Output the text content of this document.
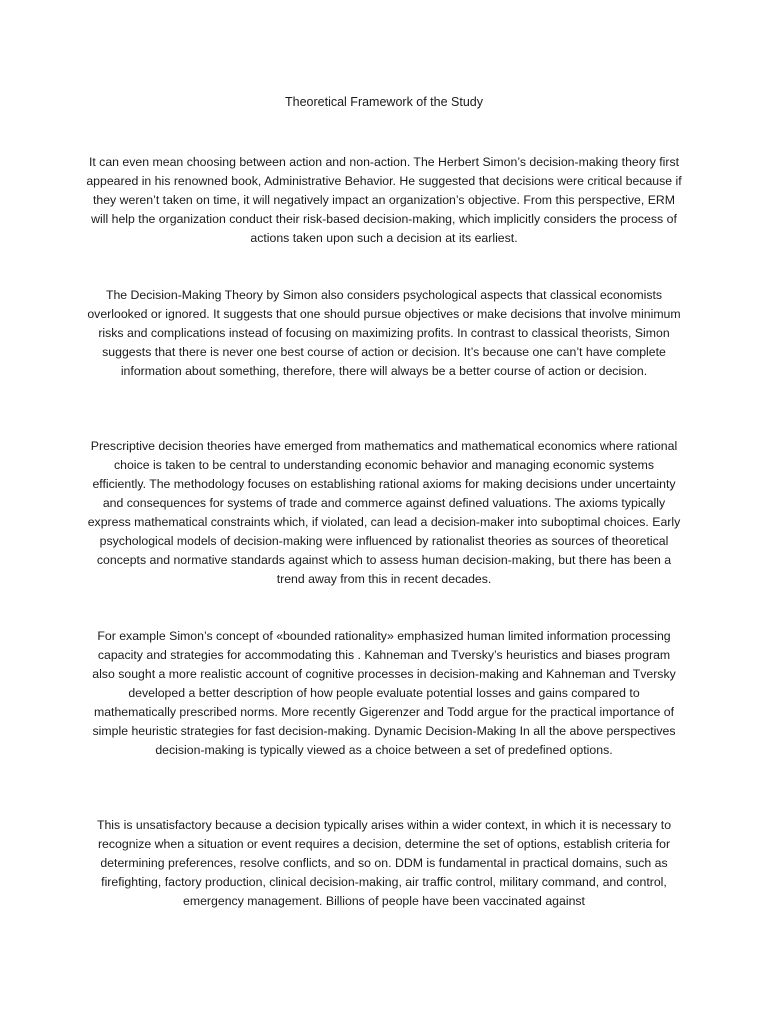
Theoretical Framework of the Study

It can even mean choosing between action and non-action. The Herbert Simon’s decision-making theory first appeared in his renowned book, Administrative Behavior. He suggested that decisions were critical because if they weren’t taken on time, it will negatively impact an organization’s objective. From this perspective, ERM will help the organization conduct their risk-based decision-making, which implicitly considers the process of actions taken upon such a decision at its earliest.

The Decision-Making Theory by Simon also considers psychological aspects that classical economists overlooked or ignored. It suggests that one should pursue objectives or make decisions that involve minimum risks and complications instead of focusing on maximizing profits. In contrast to classical theorists, Simon suggests that there is never one best course of action or decision. It’s because one can’t have complete information about something, therefore, there will always be a better course of action or decision.

Prescriptive decision theories have emerged from mathematics and mathematical economics where rational choice is taken to be central to understanding economic behavior and managing economic systems efficiently. The methodology focuses on establishing rational axioms for making decisions under uncertainty and consequences for systems of trade and commerce against defined valuations. The axioms typically express mathematical constraints which, if violated, can lead a decision-maker into suboptimal choices. Early psychological models of decision-making were influenced by rationalist theories as sources of theoretical concepts and normative standards against which to assess human decision-making, but there has been a trend away from this in recent decades.

For example Simon’s concept of «bounded rationality» emphasized human limited information processing capacity and strategies for accommodating this . Kahneman and Tversky’s heuristics and biases program also sought a more realistic account of cognitive processes in decision-making and Kahneman and Tversky developed a better description of how people evaluate potential losses and gains compared to mathematically prescribed norms. More recently Gigerenzer and Todd argue for the practical importance of simple heuristic strategies for fast decision-making. Dynamic Decision-Making In all the above perspectives decision-making is typically viewed as a choice between a set of predefined options.

This is unsatisfactory because a decision typically arises within a wider context, in which it is necessary to recognize when a situation or event requires a decision, determine the set of options, establish criteria for determining preferences, resolve conflicts, and so on. DDM is fundamental in practical domains, such as firefighting, factory production, clinical decision-making, air traffic control, military command, and control, emergency management. Billions of people have been vaccinated against
